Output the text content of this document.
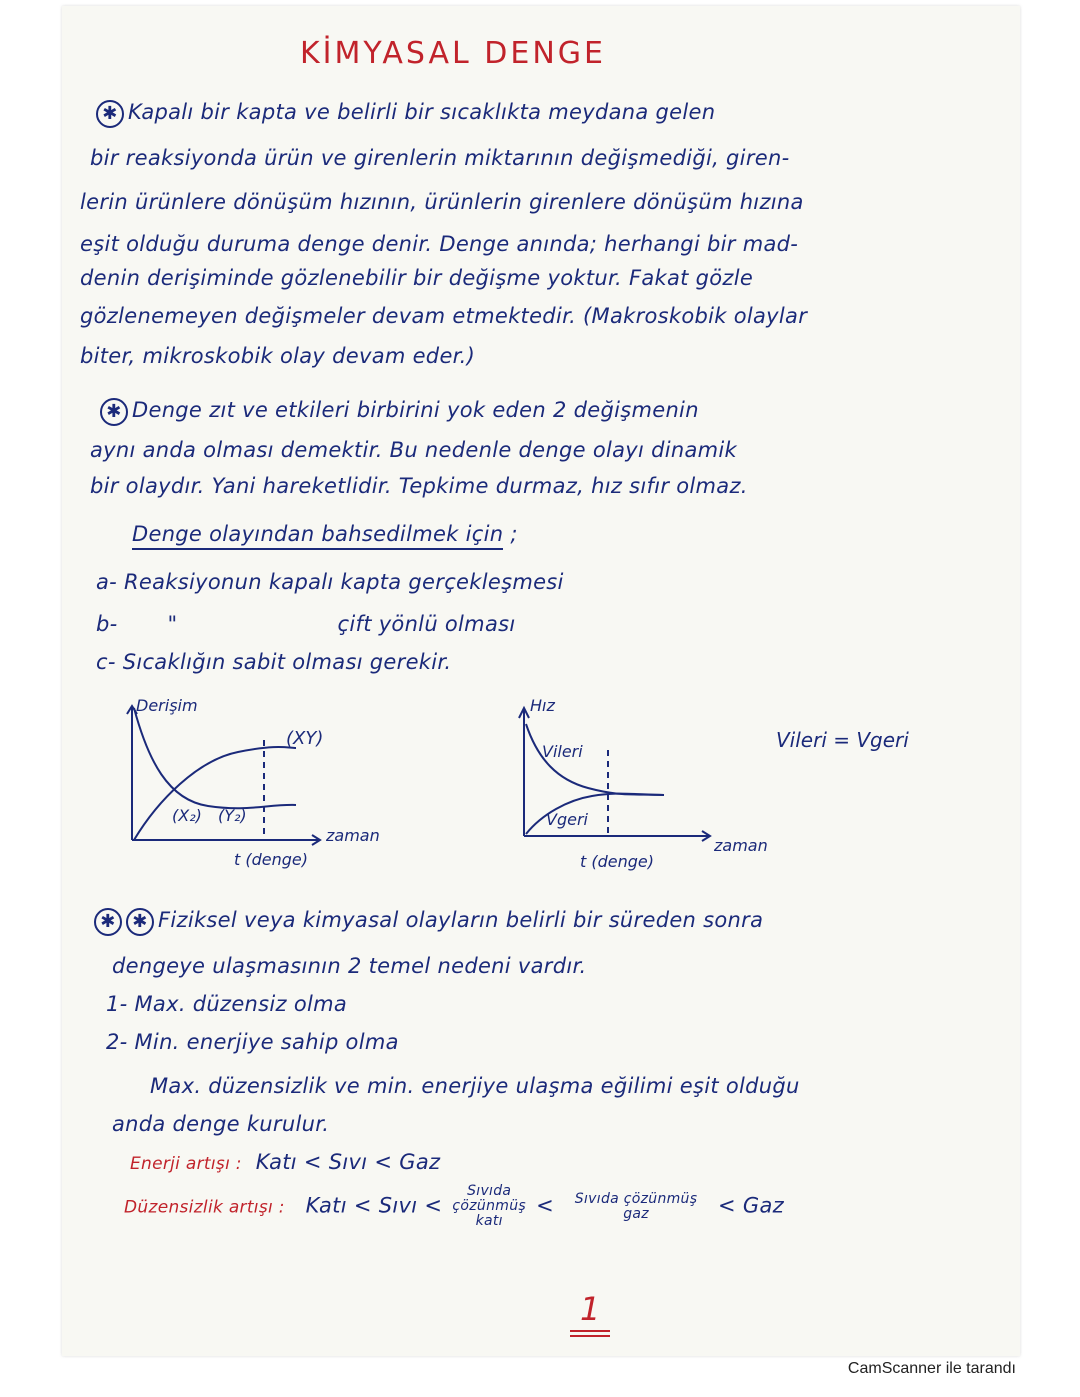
KİMYASAL DENGE
✱ Kapalı bir kapta ve belirli bir sıcaklıkta meydana gelen
bir reaksiyonda ürün ve girenlerin miktarının değişmediği, giren-
lerin ürünlere dönüşüm hızının, ürünlerin girenlere dönüşüm hızına
eşit olduğu duruma denge denir. Denge anında; herhangi bir mad-
denin derişiminde gözlenebilir bir değişme yoktur. Fakat gözle
gözlenemeyen değişmeler devam etmektedir. (Makroskobik olaylar
biter, mikroskobik olay devam eder.)
✱ Denge zıt ve etkileri birbirini yok eden 2 değişmenin
aynı anda olması demektir. Bu nedenle denge olayı dinamik
bir olaydır. Yani hareketlidir. Tepkime durmaz, hız sıfır olmaz.
Denge olayından bahsedilmek için ;
a- Reaksiyonun kapalı kapta gerçekleşmesi
b- "	çift yönlü olması
c- Sıcaklığın sabit olması gerekir.
Derişim
(XY)
(X₂) (Y₂)
zaman
t (denge)
Hız
Vileri
Vgeri
zaman
t (denge)
Vileri = Vgeri
✱ ✱ Fiziksel veya kimyasal olayların belirli bir süreden sonra
dengeye ulaşmasının 2 temel nedeni vardır.
1- Max. düzensiz olma
2- Min. enerjiye sahip olma
Max. düzensizlik ve min. enerjiye ulaşma eğilimi eşit olduğu
anda denge kurulur.
Enerji artışı : Katı < Sıvı < Gaz
Düzensizlik artışı : Katı < Sıvı < Sıvıda çözünmüş katı < Sıvıda çözünmüş gaz	< Gaz
1
CamScanner ile tarandı
